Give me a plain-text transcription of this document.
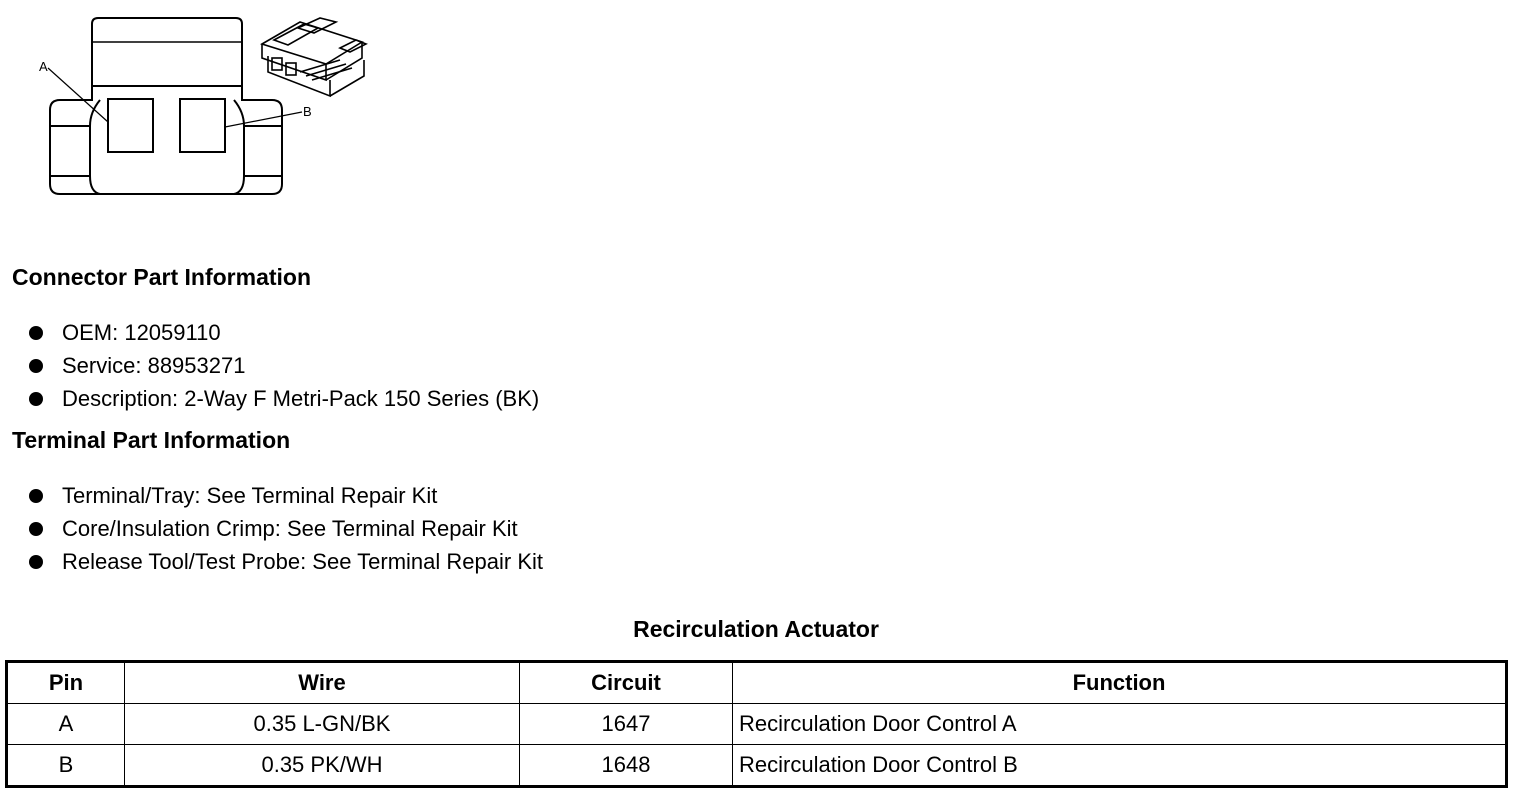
A
B
Connector Part Information
OEM: 12059110
Service: 88953271
Description: 2-Way F Metri-Pack 150 Series (BK)
Terminal Part Information
Terminal/Tray: See Terminal Repair Kit
Core/Insulation Crimp: See Terminal Repair Kit
Release Tool/Test Probe: See Terminal Repair Kit
Recirculation Actuator
Pin	Wire	Circuit	Function
A	0.35 L-GN/BK	1647	Recirculation Door Control A
B	0.35 PK/WH	1648	Recirculation Door Control B
